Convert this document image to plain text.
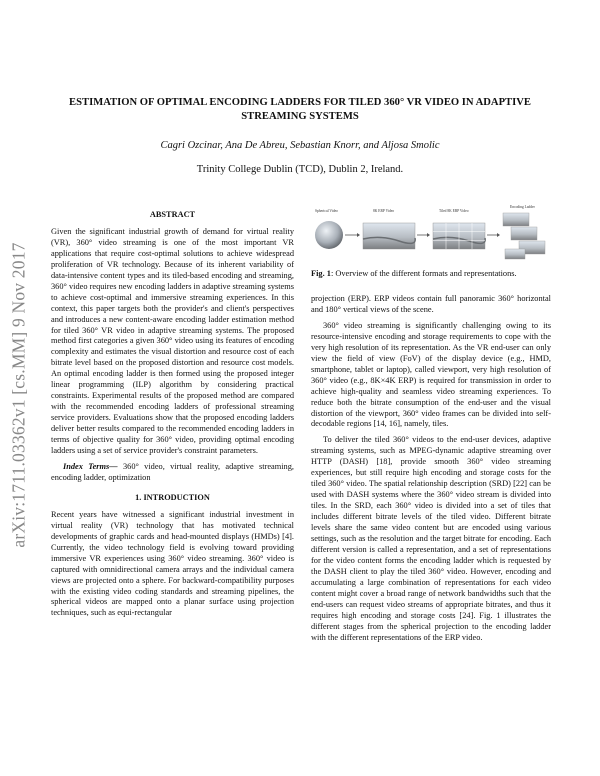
arXiv:1711.03362v1 [cs.MM] 9 Nov 2017
ESTIMATION OF OPTIMAL ENCODING LADDERS FOR TILED 360° VR VIDEO IN ADAPTIVE STREAMING SYSTEMS
Cagri Ozcinar, Ana De Abreu, Sebastian Knorr, and Aljosa Smolic
Trinity College Dublin (TCD), Dublin 2, Ireland.
ABSTRACT

Given the significant industrial growth of demand for virtual reality (VR), 360° video streaming is one of the most important VR applications that require cost-optimal solutions to achieve widespread proliferation of VR technology. Because of its inherent variability of data-intensive content types and its tiled-based encoding and streaming, 360° video requires new encoding ladders in adaptive streaming systems to achieve cost-optimal and immersive streaming experiences. In this context, this paper targets both the provider's and client's perspectives and introduces a new content-aware encoding ladder estimation method for tiled 360° VR video in adaptive streaming systems. The proposed method first categories a given 360° video using its features of encoding complexity and estimates the visual distortion and resource cost of each bitrate level based on the proposed distortion and resource cost models. An optimal encoding ladder is then formed using the proposed integer linear programming (ILP) algorithm by considering practical constraints. Experimental results of the proposed method are compared with the recommended encoding ladders of professional streaming service providers. Evaluations show that the proposed encoding ladders deliver better results compared to the recommended encoding ladders in terms of objective quality for 360° video, providing optimal encoding ladders using a set of service provider's constraint parameters.

Index Terms— 360° video, virtual reality, adaptive streaming, encoding ladder, optimization

1. INTRODUCTION

Recent years have witnessed a significant industrial investment in virtual reality (VR) technology that has motivated technical developments of graphic cards and head-mounted displays (HMDs) [4]. Currently, the video technology field is evolving toward providing immersive VR experiences using 360° video streaming. 360° video is captured with omnidirectional camera arrays and the individual camera views are projected onto a sphere. For backward-compatibility purposes with the existing video coding standards and streaming pipelines, the spherical videos are mapped onto a planar surface using projection techniques, such as equi-rectangular

Spherical Video	8K ERP Video	Tiled 8K ERP Video
Encoding Ladder
Fig. 1: Overview of the different formats and representations.

projection (ERP). ERP videos contain full panoramic 360° horizontal and 180° vertical views of the scene.

360° video streaming is significantly challenging owing to its resource-intensive encoding and storage requirements to cope with the very high resolution of its representation. As the VR end-user can only view the field of view (FoV) of the display device (e.g., HMD, smartphone, tablet or laptop), called viewport, very high resolution of 360° video (e.g., 8K×4K ERP) is required for transmission in order to achieve high-quality and seamless video streaming experiences. To reduce both the bitrate consumption of the end-user and the visual distortion of the viewport, 360° video frames can be divided into self-decodable regions [14, 16], namely, tiles.

To deliver the tiled 360° videos to the end-user devices, adaptive streaming systems, such as MPEG-dynamic adaptive streaming over HTTP (DASH) [18], provide smooth 360° video streaming experiences, but still require high encoding and storage costs for the tiled 360° video. The spatial relationship description (SRD) [22] can be used with DASH systems where the 360° video stream is divided into tiles. In the SRD, each 360° video is divided into a set of tiles that includes different bitrate levels of the tiled video. Different bitrate levels share the same video content but are encoded using various settings, such as the resolution and the target bitrate for encoding. Each different version is called a representation, and a set of representations for the video content forms the encoding ladder which is requested by the DASH client to play the tiled 360° video. However, encoding and accumulating a large combination of representations for each video content might cover a broad range of network bandwidths such that the end-users can request video streams of appropriate bitrates, and thus it requires high encoding and storage costs [24]. Fig. 1 illustrates the different stages from the spherical projection to the encoding ladder with the different representations of the ERP video.
